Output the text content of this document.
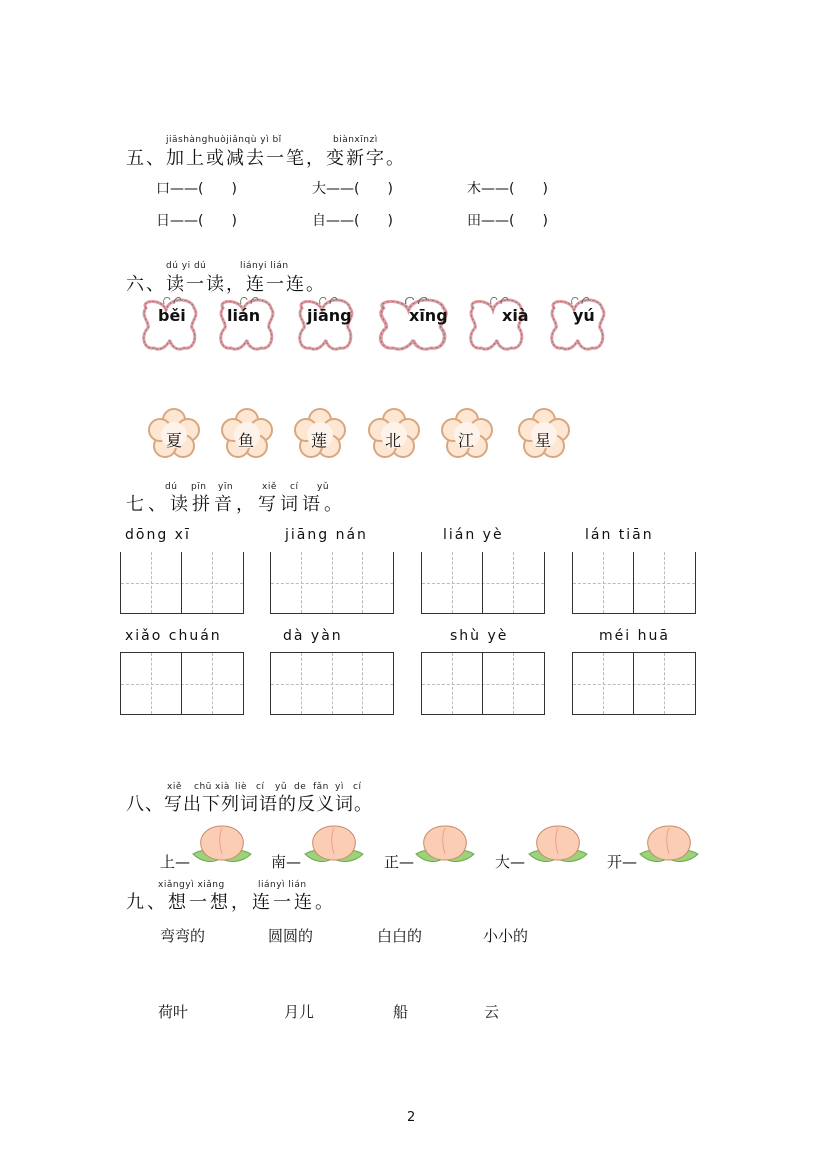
jiāshànghuòjiǎnqù yì bǐ	biànxīnzì
五、加上或减去一笔，变新字。
口——(　　)	大——(　　)	木——(　　)
日——(　　)	自——(　　)	田——(　　)
dú yi dú	liányi lián
六、读一读，连一连。
běi	lián	jiāng	xīng	xià	yú
夏	鱼	莲	北	江	星
dú pīn yīn	xiě cí yǔ
七、读拼音，写词语。
dōng xī	jiāng nán	lián yè	lán tiān
xiǎo chuán	dà yàn	shù yè	méi huā
xiě chū xià liè cí yǔ de fǎn yì cí
八、写出下列词语的反义词。
上—	南—	正—	大—	开—
xiǎngyì xiǎng	liányì lián
九、想一想，连一连。
弯弯的	圆圆的	白白的	小小的
荷叶	月儿	船	云
2
